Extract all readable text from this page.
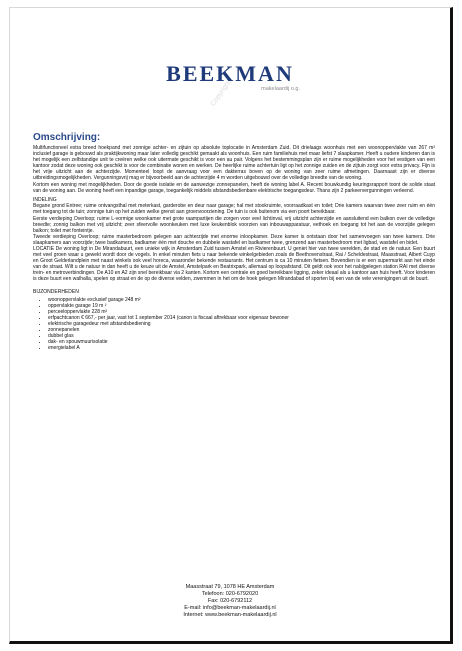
BEEKMAN
makelaardij o.g.
Copyright
Omschrijving:

Multifunctioneel extra breed hoekpand met zonnige achter- en zijtuin op absolute toplocatie in Amsterdam Zuid. Dit drielaags woonhuis met een woonoppervlakte van 267 m² inclusief garage is gebouwd als praktijkwoning maar later volledig geschikt gemaakt als woonhuis. Een ruim familiehuis met maar liefst 7 slaapkamer. Heeft u oudere kinderen dan is het mogelijk een zelfstandige unit te creëren welke ook uitermate geschikt is voor een au pair. Volgens het bestemmingsplan zijn er ruime mogelijkheden voor het vestigen van een kantoor zodat deze woning ook geschikt is voor de combinatie wonen en werken. De heerlijke ruime achtertuin ligt op het zonnige zuiden en de zijtuin zorgt voor extra privacy. Fijn is het vrije uitzicht aan de achterzijde. Momenteel loopt de aanvraag voor een dakterras boven op de woning van zeer ruime afmetingen. Daarnaast zijn er diverse uitbreidingsmogelijkheden. Vergunningsvrij mag er bijvoorbeeld aan de achterzijde 4 m worden uitgebouwd over de volledige breedte van de woning.

Kortom een woning met mogelijkheden. Door de goede isolatie en de aanwezige zonnepanelen, heeft de woning label A. Recent bouwkundig keuringsrapport toont de solide staat van de woning aan. De woning heeft een inpandige garage, toegankelijk middels afstandsbedienbare elektrische toegangsdeur. Thans zijn 2 parkeervergunningen verleend.

INDELING

Begane grond Entree; ruime ontvangsthal met meterkast, garderobe en deur naar garage; hal met stookruimte, voorraadkast en toilet; Drie kamers waarvan twee zeer ruim en één met toegang tot de tuin; zonnige tuin op het zuiden welke grenst aan groenvoorziening. De tuin is ook buitenom via een poort bereikbaar.

Eerste verdieping Overloop; ruime L-vormige woonkamer met grote raampartijen die zorgen voor veel lichtinval, vrij uitzicht achterzijde en aansluitend een balkon over de volledige breedte; zonnig balkon met vrij uitzicht; zeer sfeervolle woonkeuken met luxe keukenblok voorzien van inbouwapparatuur, eethoek en toegang tot het aan de voorzijde gelegen balkon; toilet met fonteintje.

Tweede verdieping Overloop; ruime masterbedroom gelegen aan achterzijde met enorme inloopkamer. Deze kamer is ontstaan door het samenvoegen van twee kamers. Drie slaapkamers aan voorzijde; twee badkamers, badkamer één met douche en dubbele wastafel en badkamer twee, grenzend aan masterbedroom met ligbad, wastafel en bidet.

LOCATIE De woning ligt in De Mirandabuurt, een unieke wijk in Amsterdam Zuid tussen Amstel en Rivierenbuurt. U geniet hier van twee werelden, de stad en de natuur. Een buurt met veel groen waar u gewekt wordt door de vogels. In enkel minuten fiets u naar bekende winkelgebieden zoals de Beethovenstraat, Rai / Scheldestraat, Maasstraat, Albert Cuyp en Groot Gelderlandplein met naast winkels ook veel horeca, waaronder bekende restaurants. Het centrum is ca 10 minuten fietsen. Bovendien is er een supermarkt aan het einde van de straat. Wilt u de natuur in dan heeft u de keuze uit de Amstel, Amstelpark en Beatrixpark, allemaal op loopafstand. Dit geldt ook voor het nabijgelegen station RAI met diverse trein- en metroverbindingen. De A10 en A2 zijn snel bereikbaar via 2 kanten. Kortom een centrale en goed bereikbare ligging, zeker ideaal als u kantoor aan huis heeft. Voor kinderen is deze buurt een walhalla, spelen op straat en de op de diverse velden, zwemmen in het om de hoek gelegen Mirandabad of sporten bij een van de vele verenigingen uit de buurt.

BIJZONDERHEDEN

• woonoppervlakte exclusief garage 248 m²
• oppervlakte garage 19 m ²
• perceeloppervlakte 228 m²
• erfpachtcanon € 667,- per jaar, vast tot 1 september 2014 (canon is fiscaal aftrekbaar voor eigenaar bewoner
• elektrische garagedeur met afstandsbediening
• zonnepanelen
• dubbel glas
• dak- en spouwmuurisolatie
• energielabel A
Maasstraat 79, 1078 HE Amsterdam
Telefoon: 020-6792020
Fax: 020-6792112
E-mail: info@beekman-makelaardij.nl
Internet: www.beekman-makelaardij.nl
